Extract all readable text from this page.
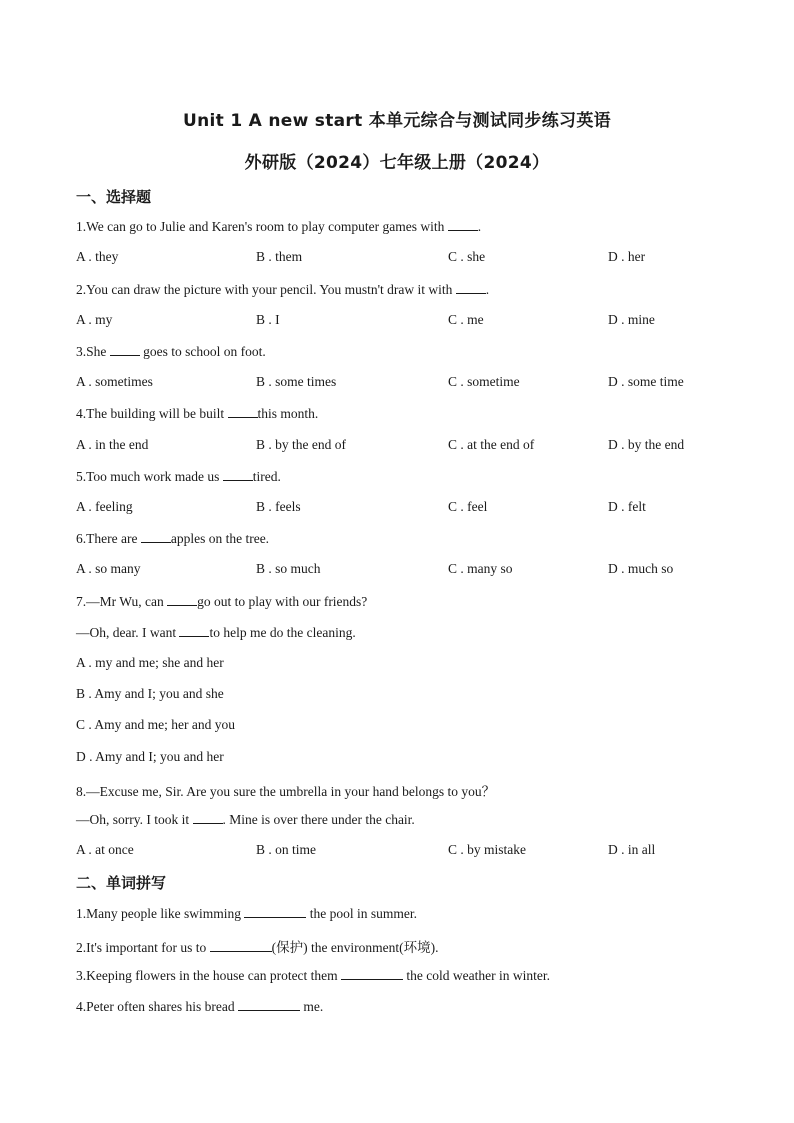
Unit 1 A new start 本单元综合与测试同步练习英语
外研版（2024）七年级上册（2024）
一、选择题
1.We can go to Julie and Karen's room to play computer games with .
A . they	B . them	C . she	D . her
2.You can draw the picture with your pencil. You mustn't draw it with .
A . my	B . I	C . me	D . mine
3.She  goes to school on foot.
A . sometimes	B . some times	C . sometime	D . some time
4.The building will be built this month.
A . in the end	B . by the end of	C . at the end of	D . by the end
5.Too much work made us tired.
A . feeling	B . feels	C . feel	D . felt
6.There are apples on the tree.
A . so many	B . so much	C . many so	D . much so
7.—Mr Wu, can go out to play with our friends?
—Oh, dear. I want to help me do the cleaning.
A . my and me; she and her
B . Amy and I; you and she
C . Amy and me; her and you
D . Amy and I; you and her
8.—Excuse me, Sir. Are you sure the umbrella in your hand belongs to you？
—Oh, sorry. I took it . Mine is over there under the chair.
A . at once	B . on time	C . by mistake	D . in all
二、单词拼写
1.Many people like swimming	the pool in summer.
2.It's important for us to	(保护) the environment(环境).
3.Keeping flowers in the house can protect them	the cold weather in winter.
4.Peter often shares his bread	me.
